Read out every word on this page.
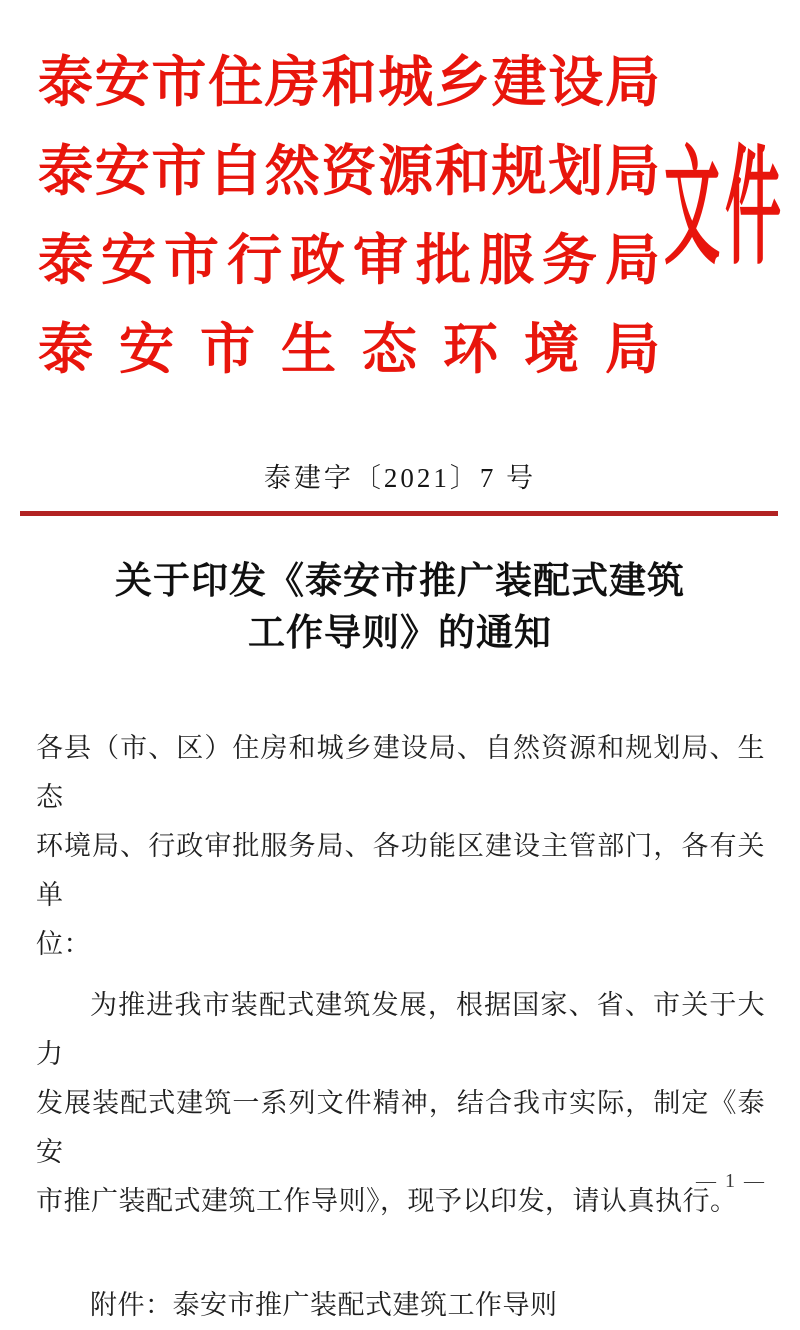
泰安市住房和城乡建设局
泰安市自然资源和规划局
泰安市行政审批服务局
泰安市生态环境局
文件
泰建字〔2021〕7 号
关于印发《泰安市推广装配式建筑
工作导则》的通知

各县（市、区）住房和城乡建设局、自然资源和规划局、生态
环境局、行政审批服务局、各功能区建设主管部门，各有关单
位：

为推进我市装配式建筑发展，根据国家、省、市关于大力
发展装配式建筑一系列文件精神，结合我市实际，制定《泰安
市推广装配式建筑工作导则》，现予以印发，请认真执行。

附件：泰安市推广装配式建筑工作导则
— 1 —
